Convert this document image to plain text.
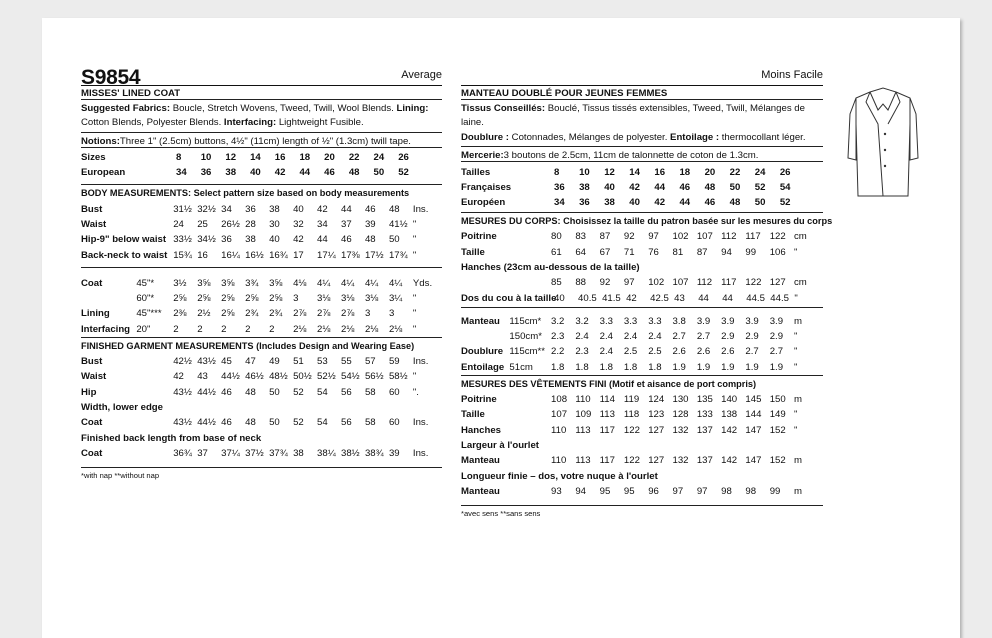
S9854	Average
MISSES' LINED COAT
Suggested Fabrics: Boucle, Stretch Wovens, Tweed, Twill, Wool Blends. Lining: Cotton Blends, Polyester Blends. Interfacing: Lightweight Fusible.
Notions: Three 1" (2.5cm) buttons, 4½" (11cm) length of ½" (1.3cm) twill tape.
Sizes	8	10	12	14	16	18	20	22	24	26
European	34	36	38	40	42	44	46	48	50	52
BODY MEASUREMENTS: Select pattern size based on body measurements
Bust	31½ 32½ 34	36	38	40	42	44	46	48	Ins.
Waist	24	25	26½ 28	30	32	34	37	39	41½ "
Hip-9" below waist 33½ 34½ 36	38	40	42	44	46	48	50	"
Back-neck to waist 15¾ 16	16¼ 16½ 16¾ 17	17¼ 17⅜ 17½ 17¾ "
Coat	45"*	3½	3⅝	3⅝	3¾	3⅝	4⅛	4¼	4¼	4¼	4¼	Yds.
60"*	2⅝	2⅝	2⅝	2⅝	2⅝	3	3⅛	3⅛	3⅛	3¼	"
Lining	45"***	2⅜	2½	2⅝	2¾	2¾	2⅞	2⅞	2⅞	3	3	"
Interfacing 20"	2	2	2	2	2	2⅛	2⅛	2⅛	2⅛	2⅛	"
FINISHED GARMENT MEASUREMENTS (Includes Design and Wearing Ease)
Bust	42½ 43½ 45	47	49	51	53	55	57	59	Ins.
Waist	42	43	44½ 46½ 48½ 50½ 52½ 54½ 56½ 58½ "
Hip	43½ 44½ 46	48	50	52	54	56	58	60	".
Width, lower edge
Coat	43½ 44½ 46	48	50	52	54	56	58	60	Ins.
Finished back length from base of neck
Coat	36¾ 37	37¼ 37½ 37¾ 38	38¼ 38½ 38¾ 39	Ins.
*with nap **without nap
Moins Facile
MANTEAU DOUBLÉ POUR JEUNES FEMMES
Tissus Conseillés: Bouclé, Tissus tissés extensibles, Tweed, Twill, Mélanges de laine.
Doublure : Cotonnades, Mélanges de polyester. Entoilage : thermocollant léger.
Mercerie: 3 boutons de 2.5cm, 11cm de talonnette de coton de 1.3cm.
Tailles	8	10	12	14	16	18	20	22	24	26
Françaises	36	38	40	42	44	46	48	50	52	54
Européen	34	36	38	40	42	44	46	48	50	52
MESURES DU CORPS: Choisissez la taille du patron basée sur les mesures du corps
Poitrine	80	83	87	92	97	102 107 112 117 122 cm
Taille	61	64	67	71	76	81	87	94	99	106 "
Hanches (23cm au-dessous de la taille)
85	88	92	97	102 107 112 117 122 127 cm
Dos du cou à la taille
40	40.5 41.5 42	42.5 43	44	44	44.5 44.5 "
Manteau 115cm*	3.2	3.2	3.3	3.3	3.3	3.8	3.9	3.9	3.9	3.9	m
150cm* 2.3	2.4	2.4	2.4	2.4	2.7	2.7	2.9	2.9	2.9	"
Doublure 115cm** 2.2	2.3	2.4	2.5	2.5	2.6	2.6	2.6	2.7	2.7	"
Entoilage 51cm	1.8	1.8	1.8	1.8	1.8	1.9	1.9	1.9	1.9	1.9	"
MESURES DES VÊTEMENTS FINI (Motif et aisance de port compris)
Poitrine	108 110 114 119 124 130 135 140 145 150 m
Taille	107 109 113 118 123 128 133 138 144 149 "
Hanches	110 113 117 122 127 132 137 142 147 152 "
Largeur à l'ourlet
Manteau	110 113 117 122 127 132 137 142 147 152 m
Longueur finie – dos, votre nuque à l'ourlet
Manteau	93	94	95	95	96	97	97	98	98	99	m
*avec sens **sans sens
